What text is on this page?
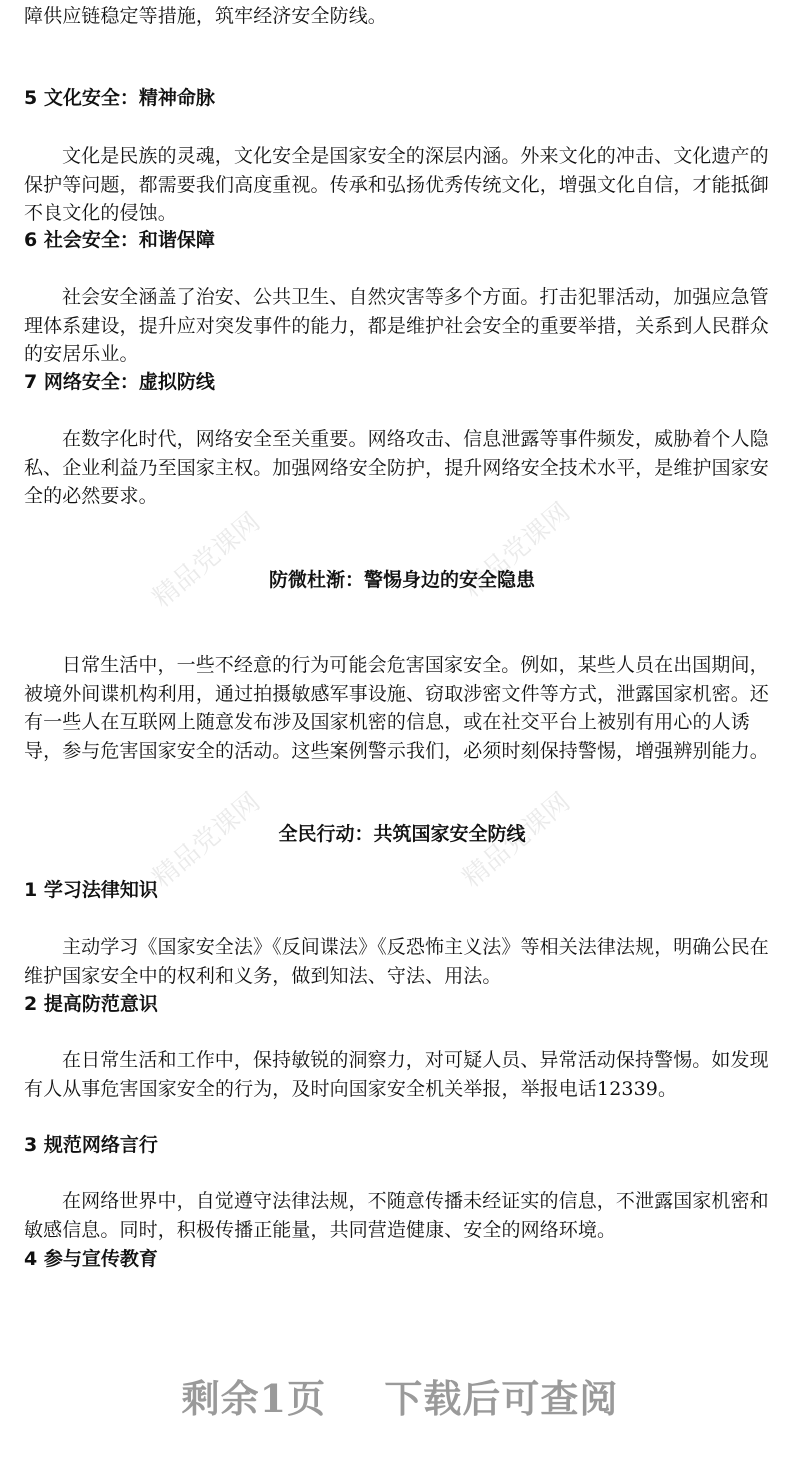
精品党课网	精品党课网
精品党课网	精品党课网

障供应链稳定等措施，筑牢经济安全防线。

5 文化安全：精神命脉

文化是民族的灵魂，文化安全是国家安全的深层内涵。外来文化的冲击、文化遗产的保护等问题，都需要我们高度重视。传承和弘扬优秀传统文化，增强文化自信，才能抵御不良文化的侵蚀。

6 社会安全：和谐保障

社会安全涵盖了治安、公共卫生、自然灾害等多个方面。打击犯罪活动，加强应急管理体系建设，提升应对突发事件的能力，都是维护社会安全的重要举措，关系到人民群众的安居乐业。

7 网络安全：虚拟防线

在数字化时代，网络安全至关重要。网络攻击、信息泄露等事件频发，威胁着个人隐私、企业利益乃至国家主权。加强网络安全防护，提升网络安全技术水平，是维护国家安全的必然要求。

防微杜渐：警惕身边的安全隐患

日常生活中，一些不经意的行为可能会危害国家安全。例如，某些人员在出国期间，被境外间谍机构利用，通过拍摄敏感军事设施、窃取涉密文件等方式，泄露国家机密。还有一些人在互联网上随意发布涉及国家机密的信息，或在社交平台上被别有用心的人诱导，参与危害国家安全的活动。这些案例警示我们，必须时刻保持警惕，增强辨别能力。

全民行动：共筑国家安全防线

1 学习法律知识

主动学习《国家安全法》《反间谍法》《反恐怖主义法》等相关法律法规，明确公民在维护国家安全中的权利和义务，做到知法、守法、用法。

2 提高防范意识

在日常生活和工作中，保持敏锐的洞察力，对可疑人员、异常活动保持警惕。如发现有人从事危害国家安全的行为，及时向国家安全机关举报，举报电话12339。

3 规范网络言行

在网络世界中，自觉遵守法律法规，不随意传播未经证实的信息，不泄露国家机密和敏感信息。同时，积极传播正能量，共同营造健康、安全的网络环境。

4 参与宣传教育

剩余1页 下载后可查阅
